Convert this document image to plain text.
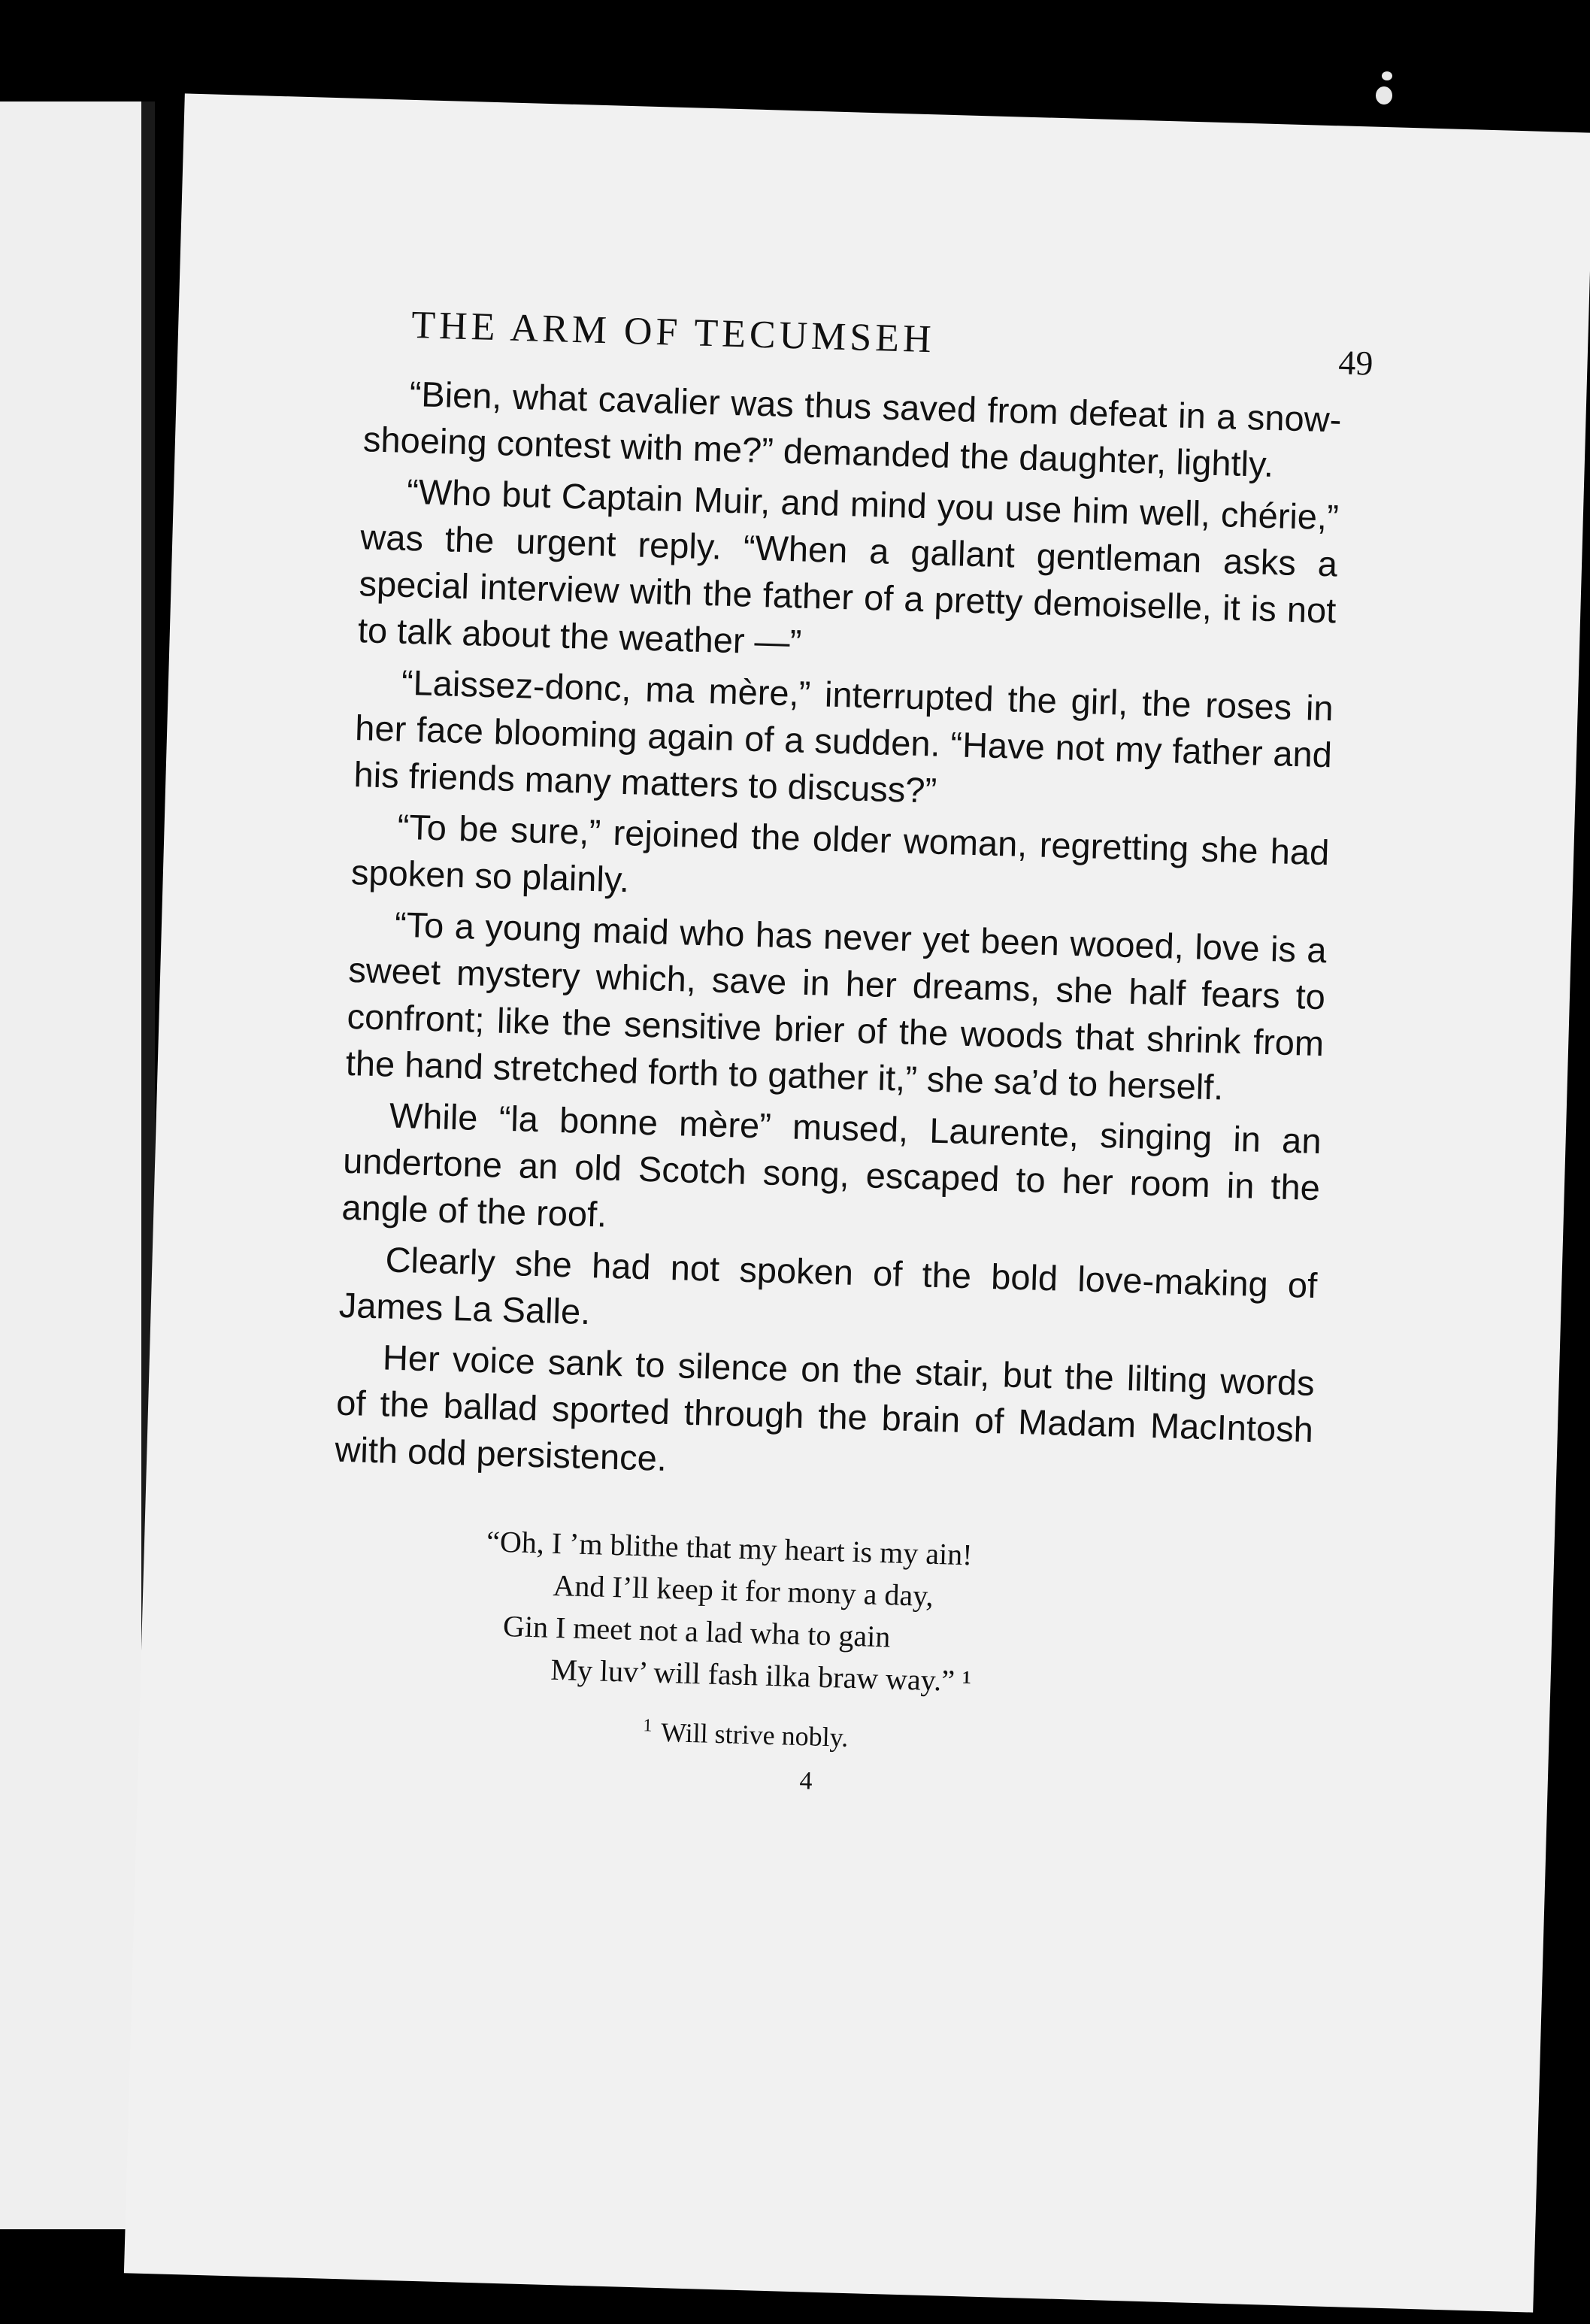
THE ARM OF TECUMSEH
49

“Bien, what cavalier was thus saved from defeat in a snow-shoeing contest with me?” demanded the daughter, lightly.

“Who but Captain Muir, and mind you use him well, chérie,” was the urgent reply. “When a gallant gentleman asks a special interview with the father of a pretty demoiselle, it is not to talk about the weather —”

“Laissez-donc, ma mère,” interrupted the girl, the roses in her face blooming again of a sudden. “Have not my father and his friends many matters to discuss?”

“To be sure,” rejoined the older woman, regretting she had spoken so plainly.

“To a young maid who has never yet been wooed, love is a sweet mystery which, save in her dreams, she half fears to confront; like the sensitive brier of the woods that shrink from the hand stretched forth to gather it,” she sa’d to herself.

While “la bonne mère” mused, Laurente, singing in an undertone an old Scotch song, escaped to her room in the angle of the roof.

Clearly she had not spoken of the bold love-making of James La Salle.

Her voice sank to silence on the stair, but the lilting words of the ballad sported through the brain of Madam MacIntosh with odd persistence.

“Oh, I ’m blithe that my heart is my ain!
And I’ll keep it for mony a day,
Gin I meet not a lad wha to gain
My luv’ will fash ilka braw way.” ¹
$^1$ Will strive nobly.
4
